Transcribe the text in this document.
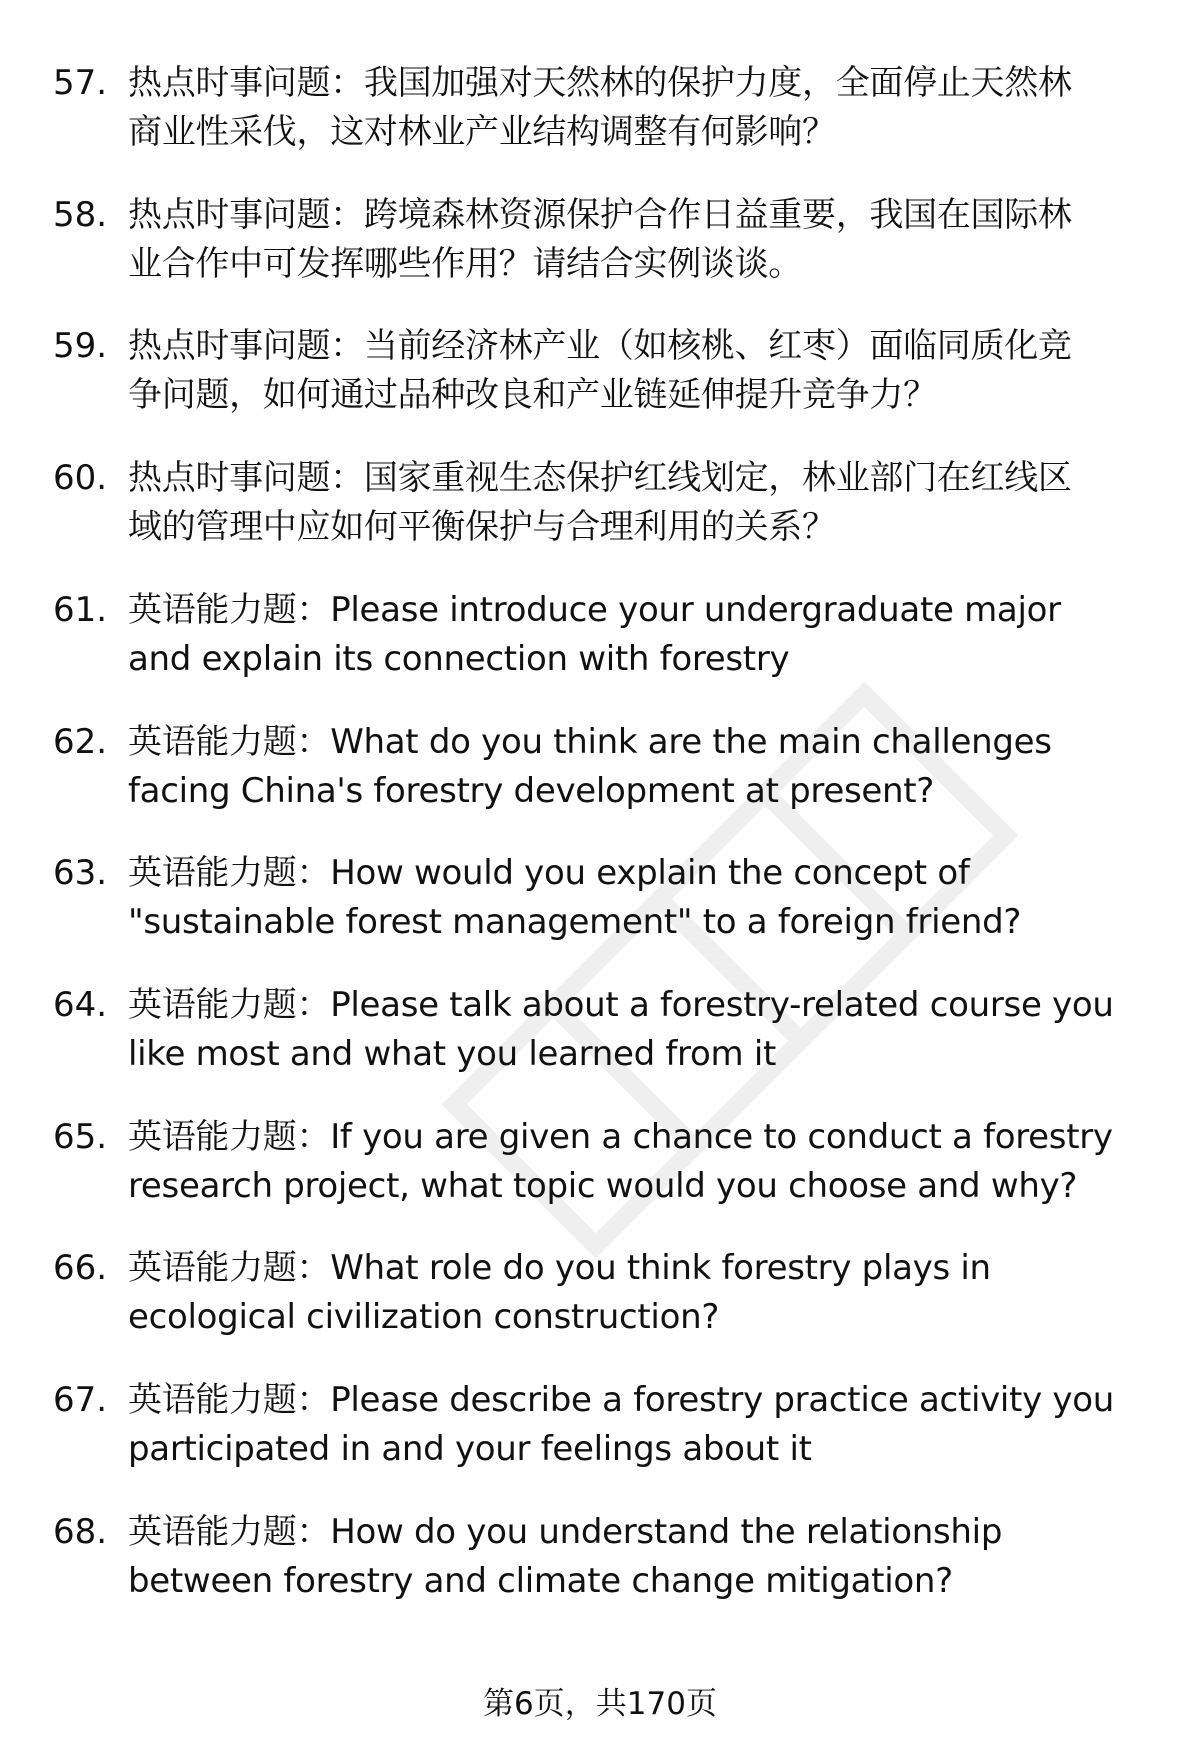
57. 热点时事问题：我国加强对天然林的保护力度，全面停止天然林
商业性采伐，这对林业产业结构调整有何影响？
58. 热点时事问题：跨境森林资源保护合作日益重要，我国在国际林
业合作中可发挥哪些作用？请结合实例谈谈。
59. 热点时事问题：当前经济林产业（如核桃、红枣）面临同质化竞
争问题，如何通过品种改良和产业链延伸提升竞争力？
60. 热点时事问题：国家重视生态保护红线划定，林业部门在红线区
域的管理中应如何平衡保护与合理利用的关系？
61. 英语能力题：Please introduce your undergraduate major
and explain its connection with forestry
62. 英语能力题：What do you think are the main challenges
facing China's forestry development at present?
63. 英语能力题：How would you explain the concept of
"sustainable forest management" to a foreign friend?
64. 英语能力题：Please talk about a forestry-related course you
like most and what you learned from it
65. 英语能力题：If you are given a chance to conduct a forestry
research project, what topic would you choose and why?
66. 英语能力题：What role do you think forestry plays in
ecological civilization construction?
67. 英语能力题：Please describe a forestry practice activity you
participated in and your feelings about it
68. 英语能力题：How do you understand the relationship
between forestry and climate change mitigation?
第6页，共170页
